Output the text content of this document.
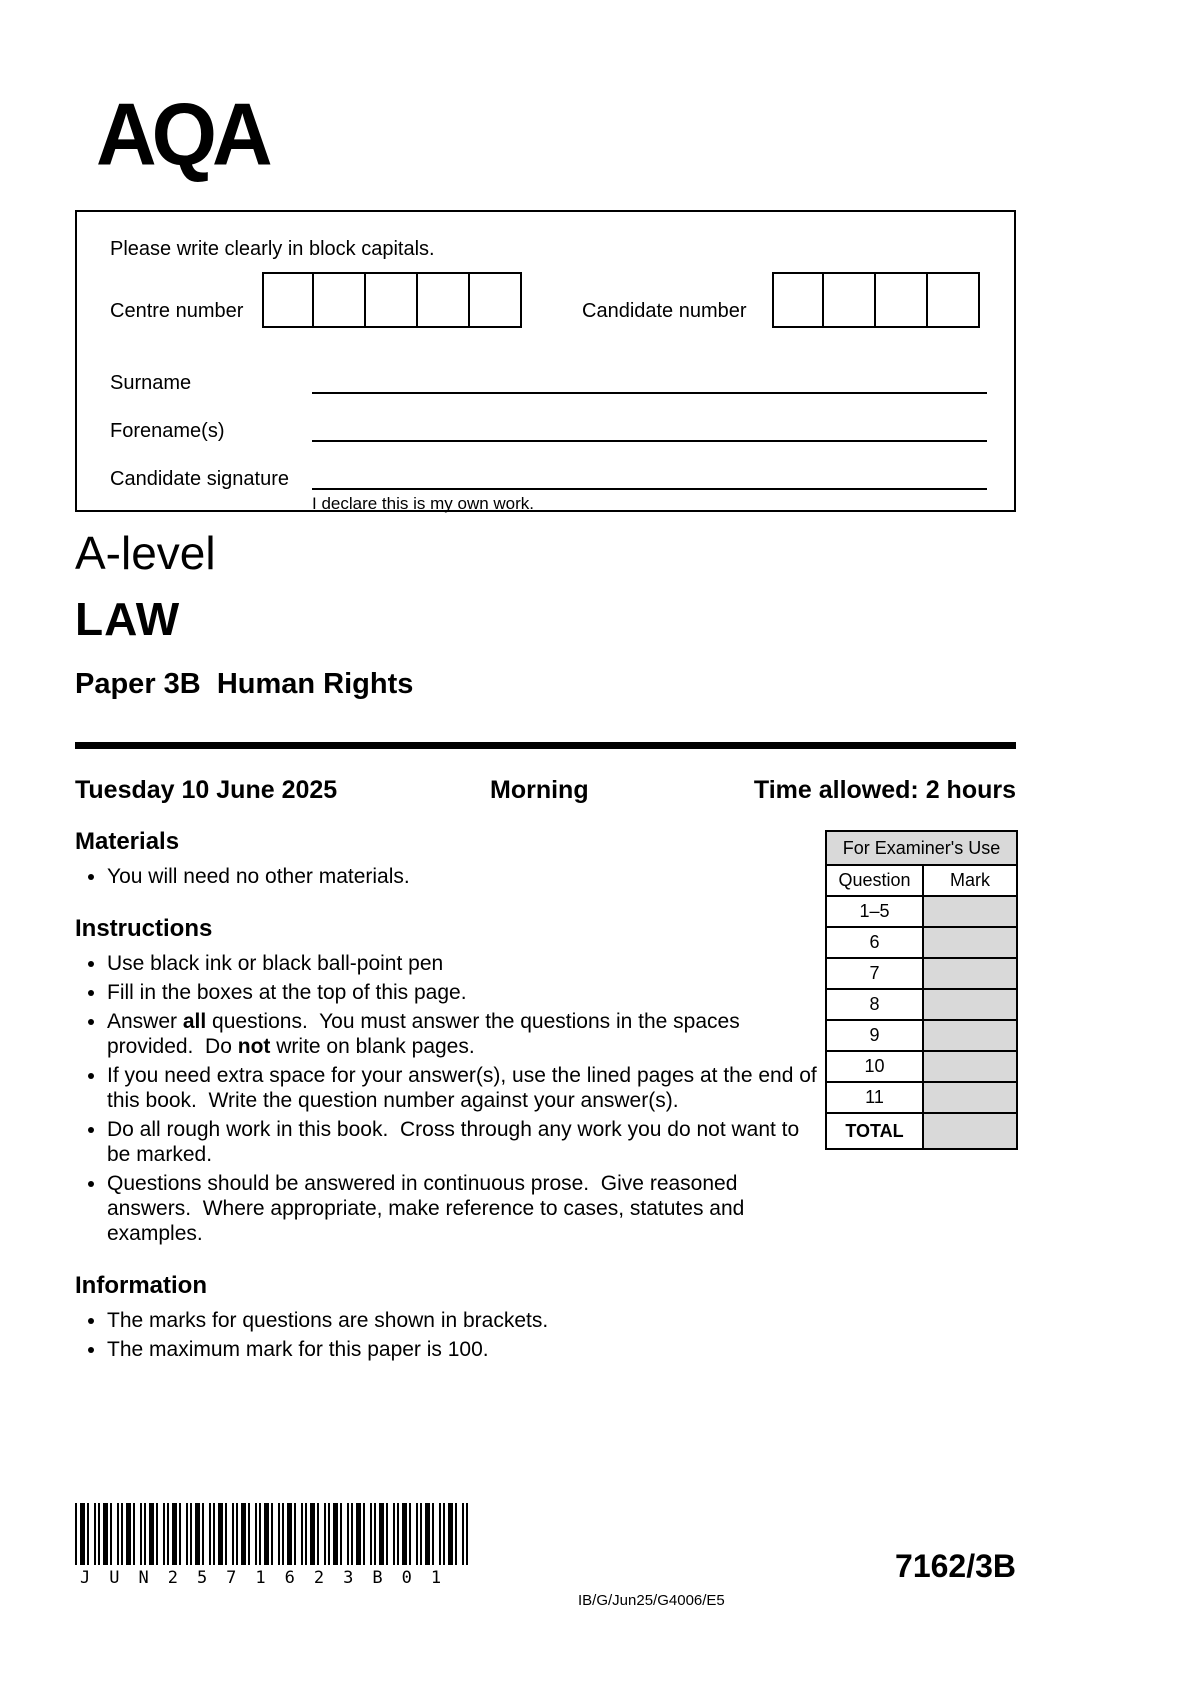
AQA
Please write clearly in block capitals.
Centre number	Candidate number
Surname
Forename(s)
Candidate signature
I declare this is my own work.
A-level
LAW
Paper 3B  Human Rights
Tuesday 10 June 2025	Morning	Time allowed: 2 hours
Materials
• You will need no other materials.
Instructions
• Use black ink or black ball-point pen
• Fill in the boxes at the top of this page.
• Answer all questions.  You must answer the questions in the spaces provided.  Do not write on blank pages.
• If you need extra space for your answer(s), use the lined pages at the end of this book.  Write the question number against your answer(s).
• Do all rough work in this book.  Cross through any work you do not want to be marked.
• Questions should be answered in continuous prose.  Give reasoned answers.  Where appropriate, make reference to cases, statutes and examples.
Information
• The marks for questions are shown in brackets.
• The maximum mark for this paper is 100.
For Examiner's Use	
Question	Mark
1–5	
6	
7	
8	
9	
10	
11	
TOTAL	
JUN2571623B01
IB/G/Jun25/G4006/E5
7162/3B
